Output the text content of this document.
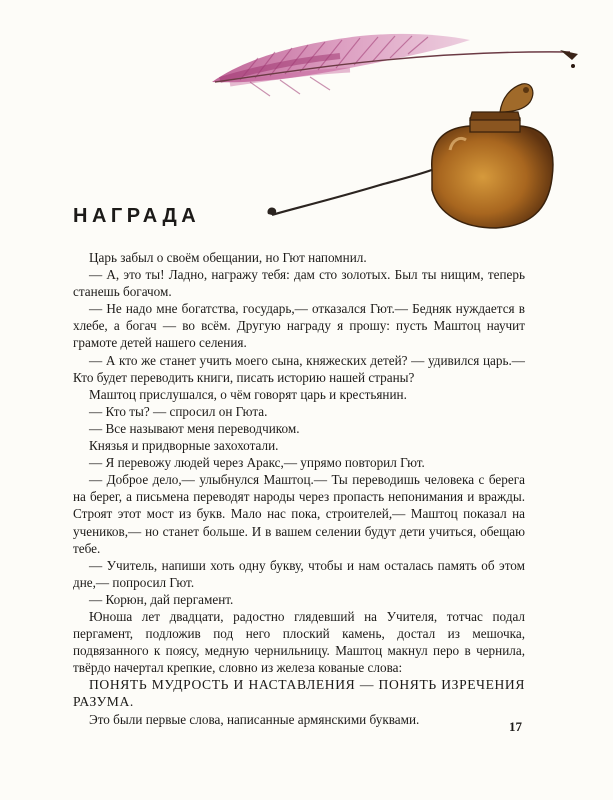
НАГРАДА

Царь забыл о своём обещании, но Гют напомнил.

— А, это ты! Ладно, награжу тебя: дам сто золотых. Был ты нищим, теперь станешь богачом.

— Не надо мне богатства, государь,— отказался Гют.— Бедняк нуждается в хлебе, а богач — во всём. Другую награду я прошу: пусть Маштоц научит грамоте детей нашего селения.

— А кто же станет учить моего сына, княжеских детей? — удивился царь.— Кто будет переводить книги, писать историю нашей страны?

Маштоц прислушался, о чём говорят царь и крестьянин.

— Кто ты? — спросил он Гюта.

— Все называют меня переводчиком.

Князья и придворные захохотали.

— Я перевожу людей через Аракс,— упрямо повторил Гют.

— Доброе дело,— улыбнулся Маштоц.— Ты переводишь человека с берега на берег, а письмена переводят народы через пропасть непонимания и вражды. Строят этот мост из букв. Мало нас пока, строителей,— Маштоц показал на учеников,— но станет больше. И в вашем селении будут дети учиться, обещаю тебе.

— Учитель, напиши хоть одну букву, чтобы и нам осталась память об этом дне,— попросил Гют.

— Корюн, дай пергамент.

Юноша лет двадцати, радостно глядевший на Учителя, тотчас подал пергамент, подложив под него плоский камень, достал из мешочка, подвязанного к поясу, медную чернильницу. Маштоц макнул перо в чернила, твёрдо начертал крепкие, словно из железа кованые слова:

ПОНЯТЬ МУДРОСТЬ И НАСТАВЛЕНИЯ — ПОНЯТЬ ИЗРЕЧЕНИЯ РАЗУМА.

Это были первые слова, написанные армянскими буквами.	17
